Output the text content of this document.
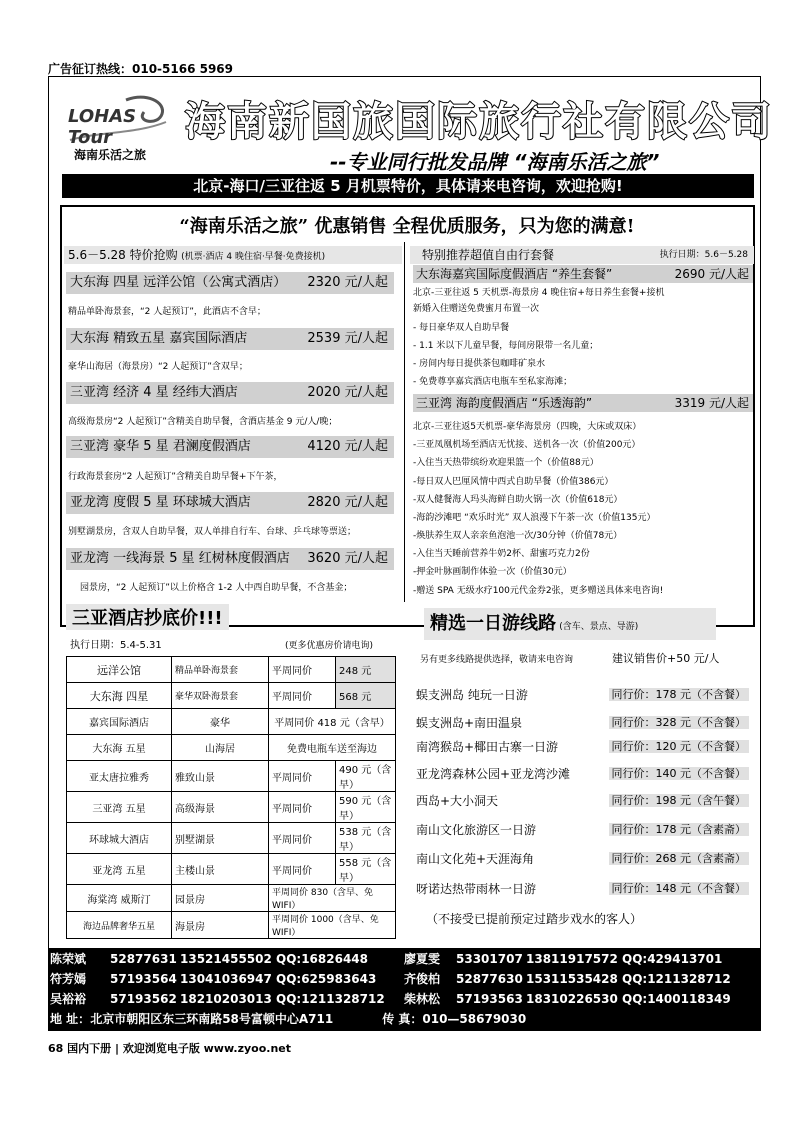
广告征订热线：010-5166 5969
LOHAS Tour
海南乐活之旅
海南新国旅国际旅行社有限公司
--专业同行批发品牌 “海南乐活之旅”
北京-海口/三亚往返 5 月机票特价，具体请来电咨询，欢迎抢购!
“海南乐活之旅” 优惠销售 全程优质服务，只为您的满意!
5.6－5.28 特价抢购 (机票·酒店 4 晚住宿·早餐·免费接机)	特别推荐超值自由行套餐	执行日期：5.6－5.28
大东海 四星 远洋公馆（公寓式酒店） 2320 元/人起
精品单卧海景套，“2 人起预订”，此酒店不含早；
大东海 精致五星 嘉宾国际酒店	2539 元/人起
豪华山海居（海景房）“2 人起预订”含双早；
三亚湾 经济 4 星 经纬大酒店	2020 元/人起
高级海景房“2 人起预订”含精美自助早餐，含酒店基金 9 元/人/晚；
三亚湾 豪华 5 星 君澜度假酒店	4120 元/人起
行政海景套房“2 人起预订”含精美自助早餐+下午茶，
亚龙湾 度假 5 星 环球城大酒店	2820 元/人起
别墅湖景房，含双人自助早餐，双人单排自行车、台球、乒乓球等票送；
亚龙湾 一线海景 5 星 红树林度假酒店 3620 元/人起
园景房，“2 人起预订”以上价格含 1-2 人中西自助早餐，不含基金；
大东海嘉宾国际度假酒店 “养生套餐”	2690 元/人起
北京-三亚往返 5 天机票-海景房 4 晚住宿+每日养生套餐+接机
新婚入住赠送免费蜜月布置一次
- 每日豪华双人自助早餐
- 1.1 米以下儿童早餐，每间房限带一名儿童；
- 房间内每日提供茶包咖啡矿泉水
- 免费尊享嘉宾酒店电瓶车至私家海滩；
三亚湾 海韵度假酒店 “乐透海韵”	3319 元/人起
北京-三亚往返5天机票-豪华海景房（四晚，大床或双床）
-三亚凤凰机场至酒店无忧接、送机各一次（价值200元）
-入住当天热带缤纷欢迎果篮一个（价值88元）
-每日双人巴厘风情中西式自助早餐（价值386元）
-双人健餐海人玛头海鲜自助火锅一次（价值618元）
-海韵沙滩吧 “欢乐时光” 双人浪漫下午茶一次（价值135元）
-焕肤养生双人亲亲鱼泡池一次/30分钟（价值78元）
-入住当天睡前营养牛奶2杯、甜蜜巧克力2份
-押金叶脉画制作体验一次（价值30元）
-赠送 SPA 无级水疗100元代金券2张，更多赠送具体来电咨询!
三亚酒店抄底价!!!
执行日期：5.4-5.31	(更多优惠房价请电询)
远洋公馆	精品单卧海景套	平周同价	248 元
大东海 四星	豪华双卧海景套	平周同价	568 元
嘉宾国际酒店	豪华	平周同价 418 元（含早）	
大东海 五星	山海居	免费电瓶车送至海边	
亚太唐拉雅秀	雅致山景	平周同价	490 元（含早）
三亚湾 五星	高级海景	平周同价	590 元（含早）
环球城大酒店	别墅湖景	平周同价	538 元（含早）
亚龙湾 五星	主楼山景	平周同价	558 元（含早）
海棠湾 威斯汀	园景房	平周同价 830（含早、免 WIFI）	
海边品牌奢华五星	海景房	平周同价 1000（含早、免 WIFI）	
精选一日游线路 (含车、景点、导游)
另有更多线路提供选择，敬请来电咨询	建议销售价+50 元/人
蜈支洲岛 纯玩一日游	同行价：178 元（不含餐）
蜈支洲岛+南田温泉	同行价：328 元（不含餐）
南湾猴岛+椰田古寨一日游	同行价：120 元（不含餐）
亚龙湾森林公园+亚龙湾沙滩	同行价：140 元（不含餐）
西岛+大小洞天	同行价：198 元（含午餐）
南山文化旅游区一日游	同行价：178 元（含素斋）
南山文化苑+天涯海角	同行价：268 元（含素斋）
呀诺达热带雨林一日游	同行价：148 元（不含餐）
（不接受已提前预定过踏步戏水的客人）
陈荣斌 52877631 13521455502 QQ:16826448	廖夏雯 53301707 13811917572 QQ:429413701
符芳嫣 57193564 13041036947 QQ:625983643 齐俊柏 52877630 15311535428 QQ:1211328712
吴裕裕 57193562 18210203013 QQ:1211328712 柴林松 57193563 18310226530 QQ:1400118349
地 址：北京市朝阳区东三环南路58号富顿中心A711	传 真：010—58679030
68 国内下册 | 欢迎浏览电子版 www.zyoo.net
